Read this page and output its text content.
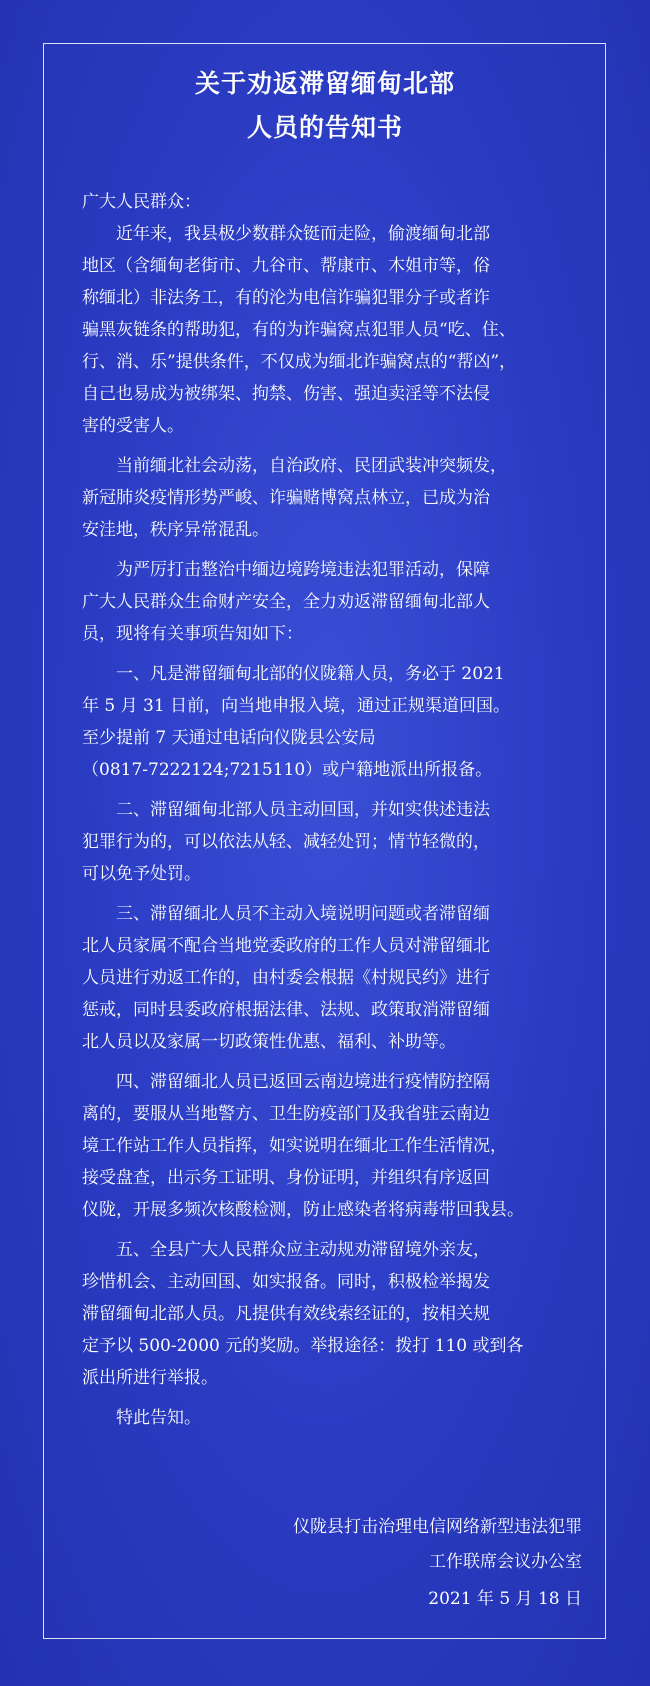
关于劝返滞留缅甸北部
人员的告知书
广大人民群众：
　　近年来，我县极少数群众铤而走险，偷渡缅甸北部
地区（含缅甸老街市、九谷市、帮康市、木姐市等，俗
称缅北）非法务工，有的沦为电信诈骗犯罪分子或者诈
骗黑灰链条的帮助犯，有的为诈骗窝点犯罪人员“吃、住、
行、消、乐”提供条件，不仅成为缅北诈骗窝点的“帮凶”，
自己也易成为被绑架、拘禁、伤害、强迫卖淫等不法侵
害的受害人。
　　当前缅北社会动荡，自治政府、民团武装冲突频发，
新冠肺炎疫情形势严峻、诈骗赌博窝点林立，已成为治
安洼地，秩序异常混乱。
　　为严厉打击整治中缅边境跨境违法犯罪活动，保障
广大人民群众生命财产安全，全力劝返滞留缅甸北部人
员，现将有关事项告知如下：
　　一、凡是滞留缅甸北部的仪陇籍人员，务必于 2021
年 5 月 31 日前，向当地申报入境，通过正规渠道回国。
至少提前 7 天通过电话向仪陇县公安局
（0817-7222124;7215110）或户籍地派出所报备。
　　二、滞留缅甸北部人员主动回国，并如实供述违法
犯罪行为的，可以依法从轻、减轻处罚；情节轻微的，
可以免予处罚。
　　三、滞留缅北人员不主动入境说明问题或者滞留缅
北人员家属不配合当地党委政府的工作人员对滞留缅北
人员进行劝返工作的，由村委会根据《村规民约》进行
惩戒，同时县委政府根据法律、法规、政策取消滞留缅
北人员以及家属一切政策性优惠、福利、补助等。
　　四、滞留缅北人员已返回云南边境进行疫情防控隔
离的，要服从当地警方、卫生防疫部门及我省驻云南边
境工作站工作人员指挥，如实说明在缅北工作生活情况，
接受盘查，出示务工证明、身份证明，并组织有序返回
仪陇，开展多频次核酸检测，防止感染者将病毒带回我县。
　　五、全县广大人民群众应主动规劝滞留境外亲友，
珍惜机会、主动回国、如实报备。同时，积极检举揭发
滞留缅甸北部人员。凡提供有效线索经证的，按相关规
定予以 500-2000 元的奖励。举报途径：拨打 110 或到各
派出所进行举报。
　　特此告知。
仪陇县打击治理电信网络新型违法犯罪
工作联席会议办公室
2021 年 5 月 18 日
